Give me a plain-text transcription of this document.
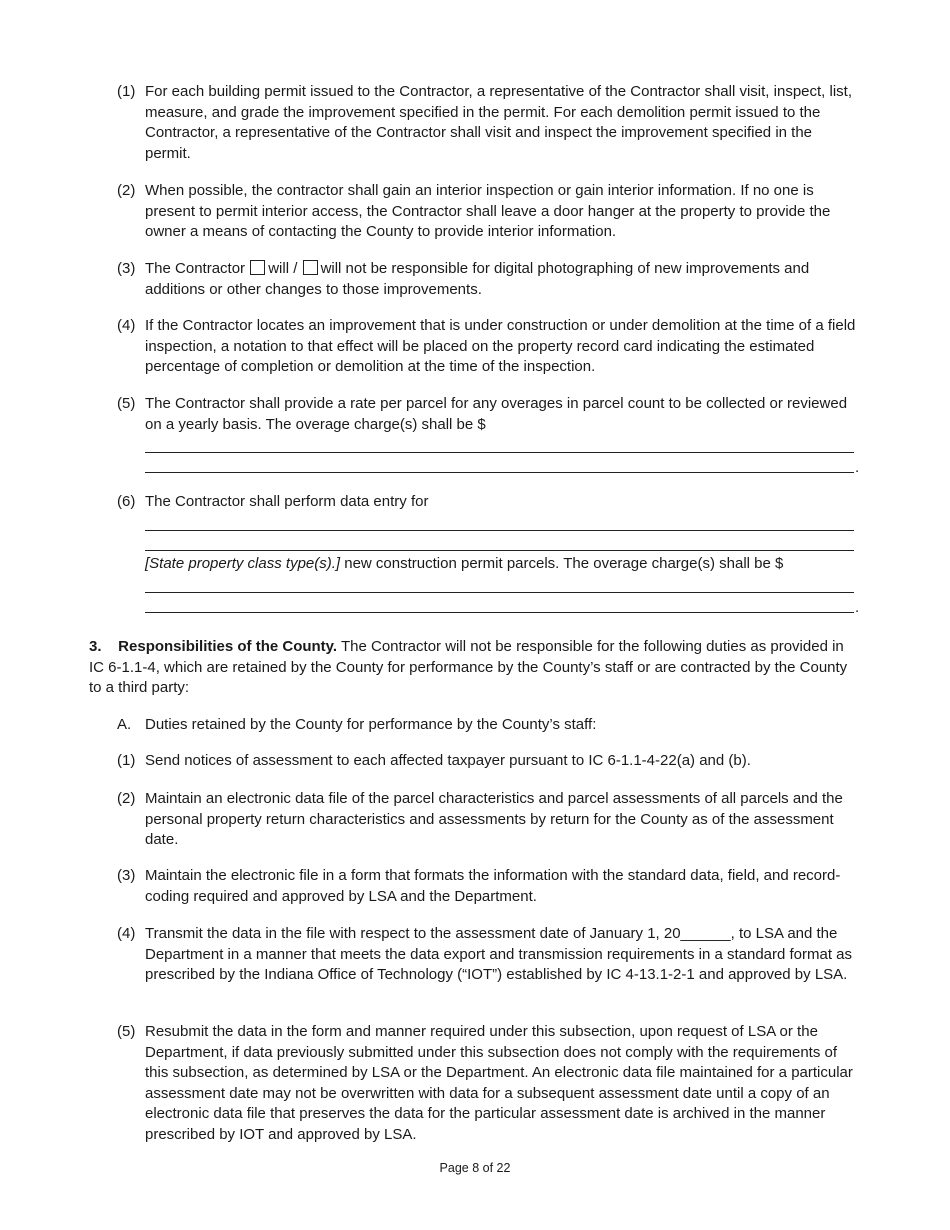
(1) For each building permit issued to the Contractor, a representative of the Contractor shall visit, inspect, list, measure, and grade the improvement specified in the permit. For each demolition permit issued to the Contractor, a representative of the Contractor shall visit and inspect the improvement specified in the permit.
(2) When possible, the contractor shall gain an interior inspection or gain interior information. If no one is present to permit interior access, the Contractor shall leave a door hanger at the property to provide the owner a means of contacting the County to provide interior information.
(3) The Contractor will / will not be responsible for digital photographing of new improvements and additions or other changes to those improvements.
(4) If the Contractor locates an improvement that is under construction or under demolition at the time of a field inspection, a notation to that effect will be placed on the property record card indicating the estimated percentage of completion or demolition at the time of the inspection.
(5) The Contractor shall provide a rate per parcel for any overages in parcel count to be collected or reviewed on a yearly basis. The overage charge(s) shall be $
.
(6) The Contractor shall perform data entry for
[State property class type(s).] new construction permit parcels. The overage charge(s) shall be $
.
3.    Responsibilities of the County. The Contractor will not be responsible for the following duties as provided in IC 6-1.1-4, which are retained by the County for performance by the County’s staff or are contracted by the County to a third party:
A. Duties retained by the County for performance by the County’s staff:
(1) Send notices of assessment to each affected taxpayer pursuant to IC 6-1.1-4-22(a) and (b).
(2) Maintain an electronic data file of the parcel characteristics and parcel assessments of all parcels and the personal property return characteristics and assessments by return for the County as of the assessment date.
(3) Maintain the electronic file in a form that formats the information with the standard data, field, and record-coding required and approved by LSA and the Department.
(4) Transmit the data in the file with respect to the assessment date of January 1, 20______, to LSA and the Department in a manner that meets the data export and transmission requirements in a standard format as prescribed by the Indiana Office of Technology (“IOT”) established by IC 4-13.1-2-1 and approved by LSA.
(5) Resubmit the data in the form and manner required under this subsection, upon request of LSA or the Department, if data previously submitted under this subsection does not comply with the requirements of this subsection, as determined by LSA or the Department. An electronic data file maintained for a particular assessment date may not be overwritten with data for a subsequent assessment date until a copy of an electronic data file that preserves the data for the particular assessment date is archived in the manner prescribed by IOT and approved by LSA.
Page 8 of 22
